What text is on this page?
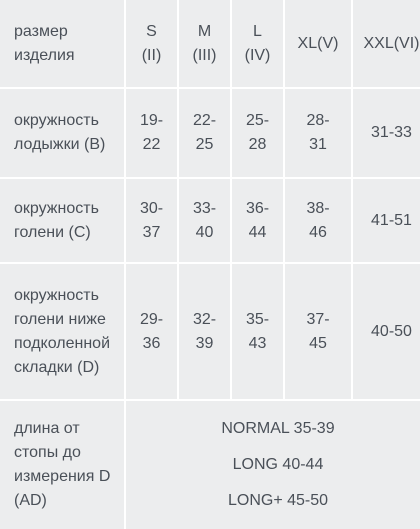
размер
изделия
S
(II)
M
(III)
L
(IV)
XL(V)	XXL(VI)
окружность
лодыжки (B)
19-
22
22-
25
25-
28
28-
31
31-33
окружность
голени (C)
30-
37
33-
40
36-
44
38-
46
41-51
окружность
голени ниже
подколенной
складки (D)
29-
36
32-
39
35-
43
37-
45
40-50
длина от стопы до
измерения D (AD)
NORMAL 35-39
LONG 40-44
LONG+ 45-50
